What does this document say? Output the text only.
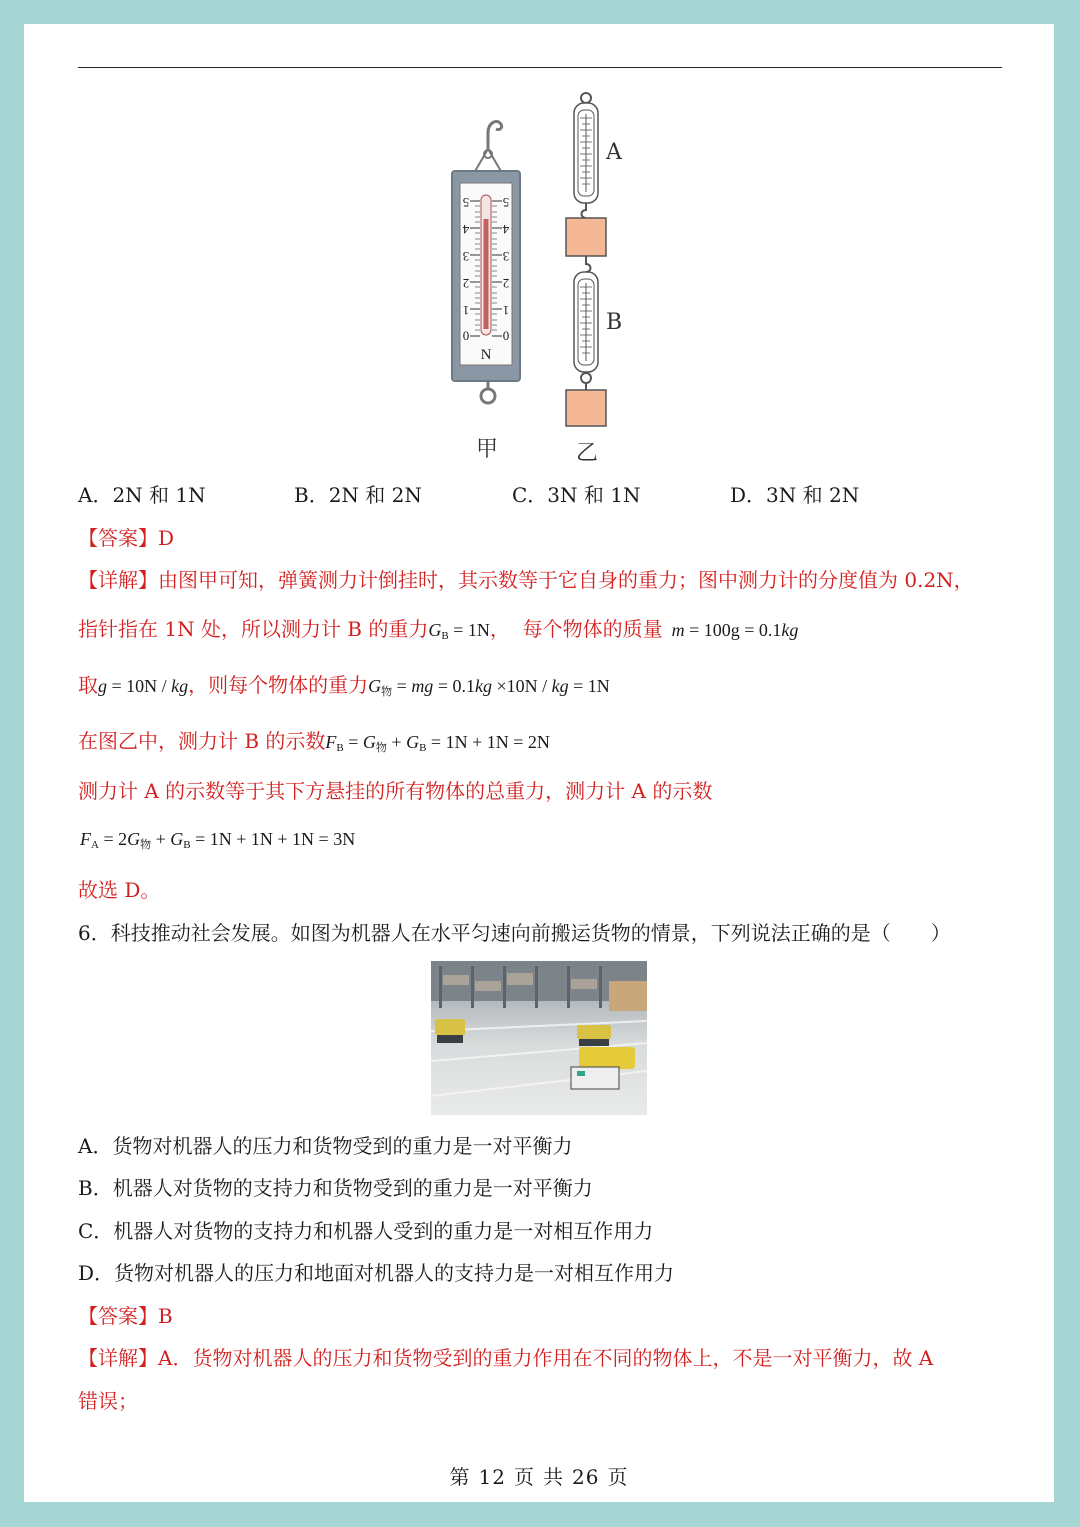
5
4
3
2
1
0
5
4
3
2
1
0
N
甲
A
B
乙
A．2N 和 1N	B．2N 和 2N	C．3N 和 1N	D．3N 和 2N
【答案】D
【详解】由图甲可知，弹簧测力计倒挂时，其示数等于它自身的重力；图中测力计的分度值为 0.2N，
指针指在 1N 处，所以测力计 B 的重力$G_B = 1N$，  每个物体的质量 m = 100g = 0.1kg
取g = 10N / kg，则每个物体的重力$G_物$ = mg = 0.1kg ×10N / kg = 1N
在图乙中，测力计 B 的示数$F_B = G_物 + G_B = 1N + 1N = 2N$
测力计 A 的示数等于其下方悬挂的所有物体的总重力，测力计 A 的示数
$F_A = 2G_物 + G_B = 1N + 1N + 1N = 3N$
故选 D。
6．科技推动社会发展。如图为机器人在水平匀速向前搬运货物的情景，下列说法正确的是（　　）
A．货物对机器人的压力和货物受到的重力是一对平衡力
B．机器人对货物的支持力和货物受到的重力是一对平衡力
C．机器人对货物的支持力和机器人受到的重力是一对相互作用力
D．货物对机器人的压力和地面对机器人的支持力是一对相互作用力
【答案】B
【详解】A．货物对机器人的压力和货物受到的重力作用在不同的物体上，不是一对平衡力，故 A
错误；
第 12 页 共 26 页
